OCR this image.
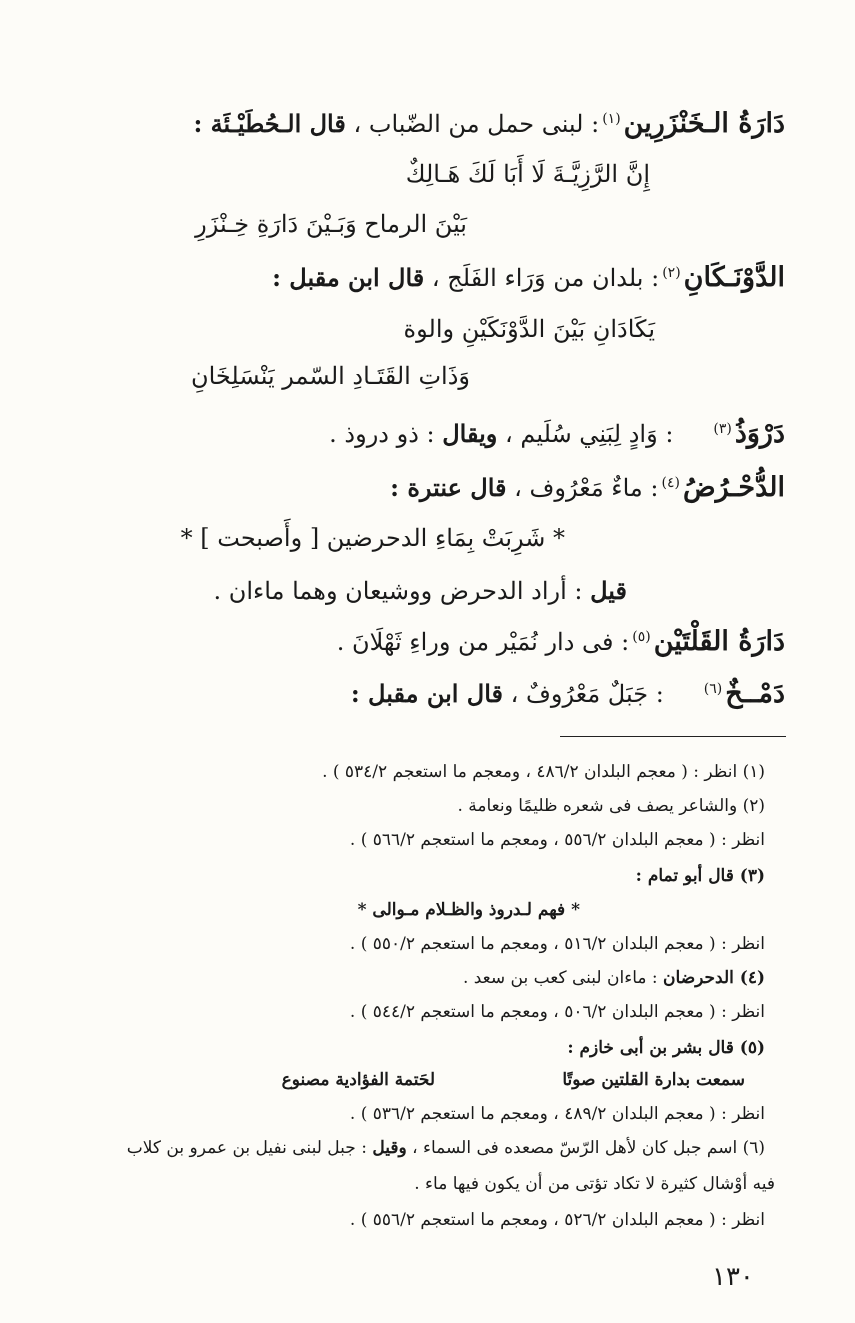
دَارَةُ الـخَنْزَرِين$^{(١)}$: لبنى حمل من الضّباب ، قال الـحُطَيْـئَة :
إِنَّ الرَّزِيَّـةَ لَا أَبَا لَكَ هَـالِكٌ
بَيْنَ الرماح وَبَـيْنَ دَارَةِ خِـنْزَرِ
الدَّوْنَـكَانِ$^{(٢)}$: بلدان من وَرَاء الفَلَج ، قال ابن مقبل :
يَكَادَانِ بَيْنَ الدَّوْنَكَيْنِ والوة
وَذَاتِ القَتَـادِ السّمر يَنْسَلِخَانِ
دَرْوَذُ$^{(٣)}$: وَادٍ لِبَنِي سُلَيم ، ويقال : ذو دروذ .
الدُّحْـرُضُ$^{(٤)}$: ماءٌ مَعْرُوف ، قال عنترة :
* شَرِبَتْ بِمَاءِ الدحرضين [ وأَصبحت ] *
قيل : أراد الدحرض ووشيعان وهما ماءان .
دَارَةُ القَلْتَيْن$^{(٥)}$: فى دار نُمَيْر من وراءِ ثَهْلَانَ .
دَمْــخٌ$^{(٦)}$: جَبَلٌ مَعْرُوفٌ ، قال ابن مقبل :
(١) انظر : ( معجم البلدان ٤٨٦/٢ ، ومعجم ما استعجم ٥٣٤/٢ ) .
(٢) والشاعر يصف فى شعره ظليمًا ونعامة .
انظر : ( معجم البلدان ٥٥٦/٢ ، ومعجم ما استعجم ٥٦٦/٢ ) .
(٣) قال أبو تمام :
* فهم لـدروذ والظـلام مـوالى *
انظر : ( معجم البلدان ٥١٦/٢ ، ومعجم ما استعجم ٥٥٠/٢ ) .
(٤) الدحرضان : ماءان لبنى كعب بن سعد .
انظر : ( معجم البلدان ٥٠٦/٢ ، ومعجم ما استعجم ٥٤٤/٢ ) .
(٥) قال بشر بن أبى خازم :
سمعت بدارة القلتين صوتًا
لحَتمة الفؤادية مصنوع
انظر : ( معجم البلدان ٤٨٩/٢ ، ومعجم ما استعجم ٥٣٦/٢ ) .
(٦) اسم جبل كان لأهل الرّسّ مصعده فى السماء ، وقيل : جبل لبنى نفيل بن عمرو بن كلاب
فيه أوْشال كثيرة لا تكاد تؤتى من أن يكون فيها ماء .
انظر : ( معجم البلدان ٥٢٦/٢ ، ومعجم ما استعجم ٥٥٦/٢ ) .
١٣٠
